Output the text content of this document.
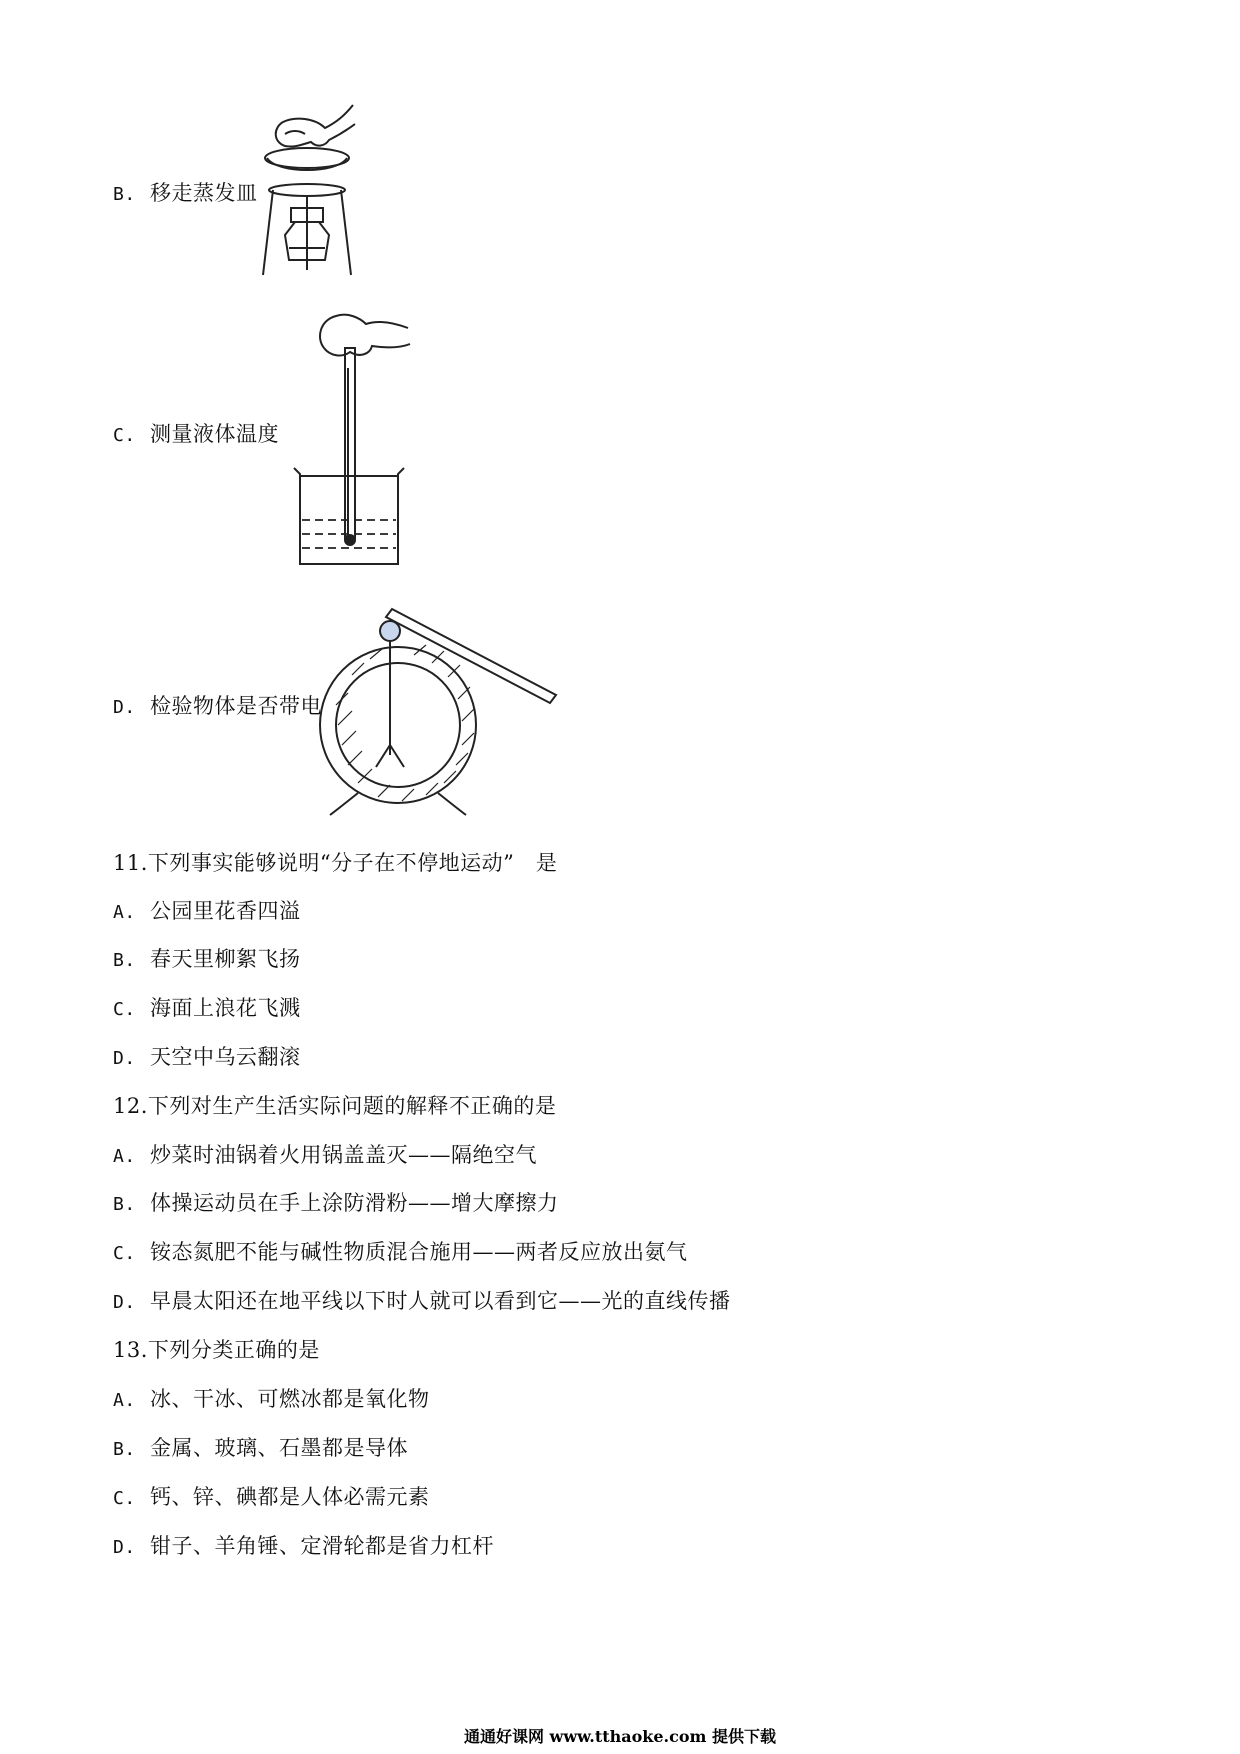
B. 移走蒸发皿
C. 测量液体温度
D. 检验物体是否带电
11.下列事实能够说明“分子在不停地运动”　是
A. 公园里花香四溢
B. 春天里柳絮飞扬
C. 海面上浪花飞溅
D. 天空中乌云翻滚
12.下列对生产生活实际问题的解释不正确的是
A. 炒菜时油锅着火用锅盖盖灭——隔绝空气
B. 体操运动员在手上涂防滑粉——增大摩擦力
C. 铵态氮肥不能与碱性物质混合施用——两者反应放出氨气
D. 早晨太阳还在地平线以下时人就可以看到它——光的直线传播
13.下列分类正确的是
A. 冰、干冰、可燃冰都是氧化物
B. 金属、玻璃、石墨都是导体
C. 钙、锌、碘都是人体必需元素
D. 钳子、羊角锤、定滑轮都是省力杠杆
通通好课网 www.tthaoke.com 提供下载
